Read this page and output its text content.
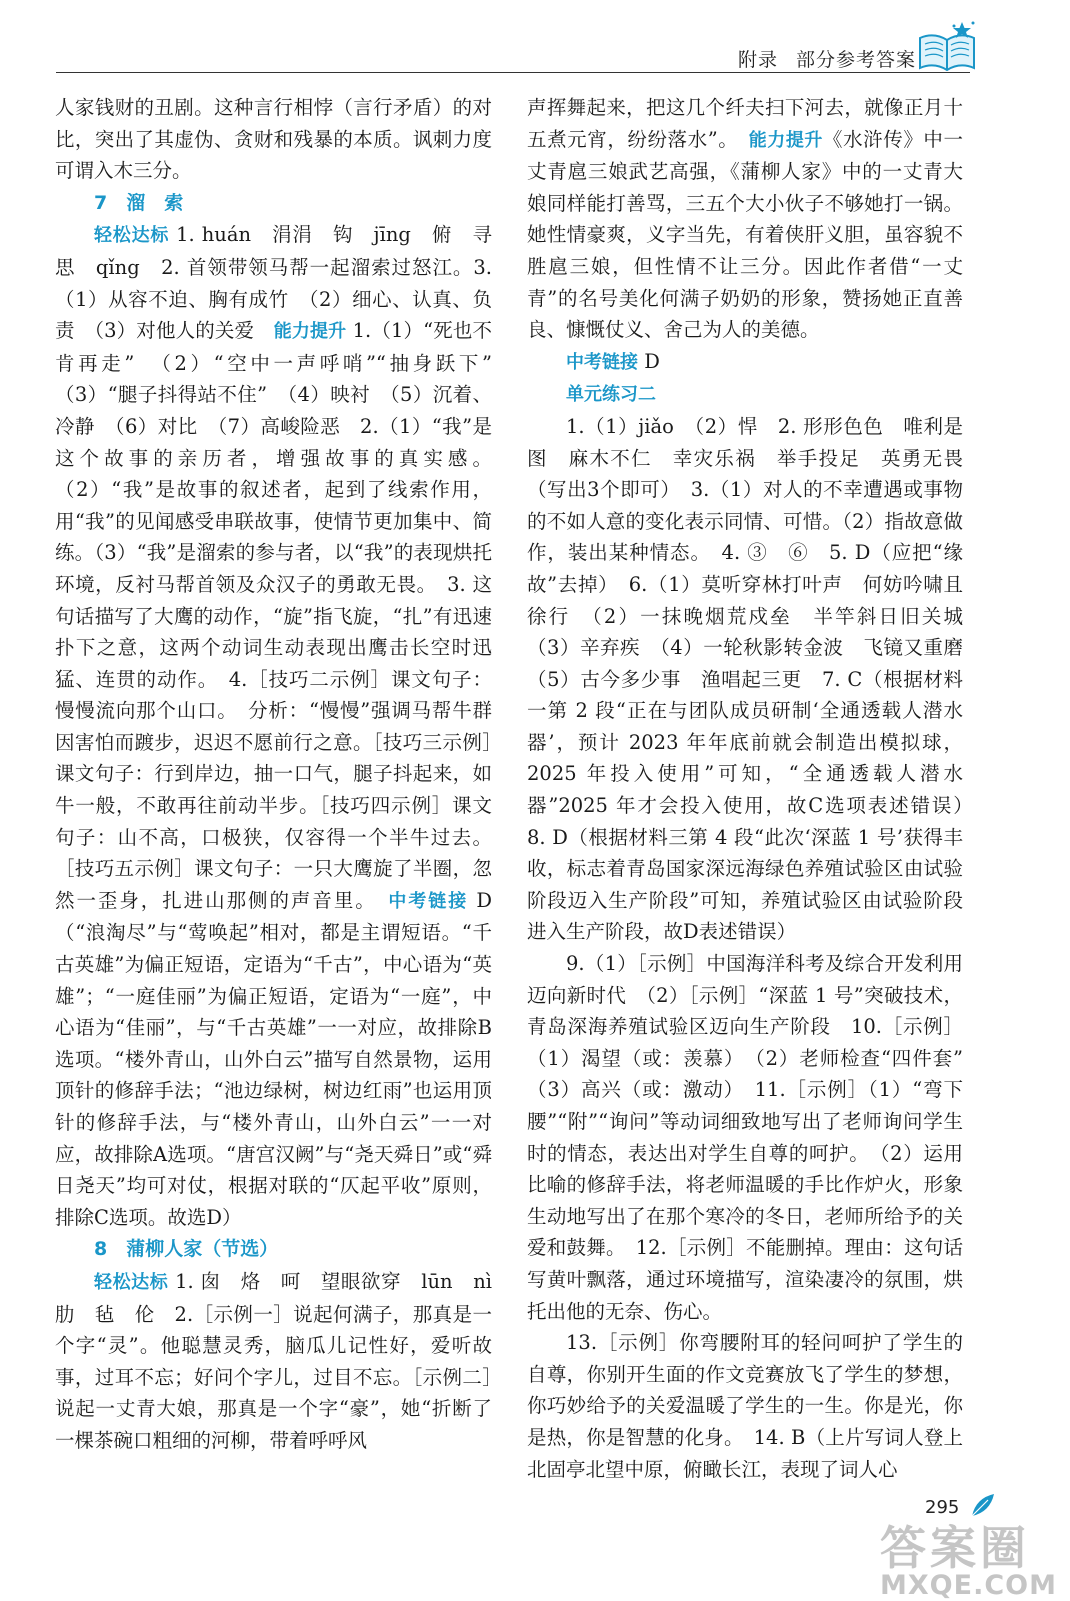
附录 部分参考答案

人家钱财的丑剧。这种言行相悖（言行矛盾）的对比，突出了其虚伪、贪财和残暴的本质。讽刺力度可谓入木三分。

7　溜　索

轻松达标 1. huán　涓涓　钩　jīng　俯　寻思　qǐng　2. 首领带领马帮一起溜索过怒江。3.（1）从容不迫、胸有成竹　（2）细心、认真、负责　（3）对他人的关爱　能力提升 1.（1）“死也不肯再走”　（2）“空中一声呼哨”“抽身跃下”　（3）“腿子抖得站不住”　（4）映衬　（5）沉着、冷静　（6）对比　（7）高峻险恶　2.（1）“我”是这个故事的亲历者，增强故事的真实感。（2）“我”是故事的叙述者，起到了线索作用，用“我”的见闻感受串联故事，使情节更加集中、简练。（3）“我”是溜索的参与者，以“我”的表现烘托环境，反衬马帮首领及众汉子的勇敢无畏。　3. 这句话描写了大鹰的动作，“旋”指飞旋，“扎”有迅速扑下之意，这两个动词生动表现出鹰击长空时迅猛、连贯的动作。　4.［技巧二示例］课文句子：慢慢流向那个山口。　分析：“慢慢”强调马帮牛群因害怕而踱步，迟迟不愿前行之意。［技巧三示例］课文句子：行到岸边，抽一口气，腿子抖起来，如牛一般，不敢再往前动半步。［技巧四示例］课文句子：山不高，口极狭，仅容得一个半牛过去。［技巧五示例］课文句子：一只大鹰旋了半圈，忽然一歪身，扎进山那侧的声音里。　中考链接 D（“浪淘尽”与“莺唤起”相对，都是主谓短语。“千古英雄”为偏正短语，定语为“千古”，中心语为“英雄”；“一庭佳丽”为偏正短语，定语为“一庭”，中心语为“佳丽”，与“千古英雄”一一对应，故排除B选项。“楼外青山，山外白云”描写自然景物，运用顶针的修辞手法；“池边绿树，树边红雨”也运用顶针的修辞手法，与“楼外青山，山外白云”一一对应，故排除A选项。“唐宫汉阙”与“尧天舜日”或“舜日尧天”均可对仗，根据对联的“仄起平收”原则，排除C选项。故选D）

8　蒲柳人家（节选）

轻松达标 1. 囱　烙　呵　望眼欲穿　lūn　nì　肋　毡　伦　2.［示例一］说起何满子，那真是一个字“灵”。他聪慧灵秀，脑瓜儿记性好，爱听故事，过耳不忘；好问个字儿，过目不忘。［示例二］说起一丈青大娘，那真是一个字“豪”，她“折断了一棵茶碗口粗细的河柳，带着呼呼风

声挥舞起来，把这几个纤夫扫下河去，就像正月十五煮元宵，纷纷落水”。　能力提升《水浒传》中一丈青扈三娘武艺高强，《蒲柳人家》中的一丈青大娘同样能打善骂，三五个大小伙子不够她打一锅。她性情豪爽，义字当先，有着侠肝义胆，虽容貌不胜扈三娘，但性情不让三分。因此作者借“一丈青”的名号美化何满子奶奶的形象，赞扬她正直善良、慷慨仗义、舍己为人的美德。

中考链接 D

单元练习二

1.（1）jiǎo　（2）悍　2. 形形色色　唯利是图　麻木不仁　幸灾乐祸　举手投足　英勇无畏（写出3个即可）　3.（1）对人的不幸遭遇或事物的不如人意的变化表示同情、可惜。（2）指故意做作，装出某种情态。　4. ③　⑥　5. D（应把“缘故”去掉）　6.（1）莫听穿林打叶声　何妨吟啸且徐行　（2）一抹晚烟荒戍垒　半竿斜日旧关城　（3）辛弃疾　（4）一轮秋影转金波　飞镜又重磨　（5）古今多少事　渔唱起三更　7. C（根据材料一第 2 段“正在与团队成员研制‘全通透载人潜水器’，预计 2023 年年底前就会制造出模拟球，2025 年投入使用”可知，“全通透载人潜水器”2025 年才会投入使用，故C选项表述错误）　8. D（根据材料三第 4 段“此次‘深蓝 1 号’获得丰收，标志着青岛国家深远海绿色养殖试验区由试验阶段迈入生产阶段”可知，养殖试验区由试验阶段进入生产阶段，故D表述错误）

9.（1）［示例］中国海洋科考及综合开发利用迈向新时代　（2）［示例］“深蓝 1 号”突破技术，青岛深海养殖试验区迈向生产阶段　10.［示例］（1）渴望（或：羡慕）　（2）老师检查“四件套”　（3）高兴（或：激动）　11.［示例］（1）“弯下腰”“附”“询问”等动词细致地写出了老师询问学生时的情态，表达出对学生自尊的呵护。　（2）运用比喻的修辞手法，将老师温暖的手比作炉火，形象生动地写出了在那个寒冷的冬日，老师所给予的关爱和鼓舞。　12.［示例］不能删掉。理由：这句话写黄叶飘落，通过环境描写，渲染凄冷的氛围，烘托出他的无奈、伤心。

13.［示例］你弯腰附耳的轻问呵护了学生的自尊，你别开生面的作文竞赛放飞了学生的梦想，你巧妙给予的关爱温暖了学生的一生。你是光，你是热，你是智慧的化身。　14. B（上片写词人登上北固亭北望中原，俯瞰长江，表现了词人心

295
答案圈
MXQE.COM
